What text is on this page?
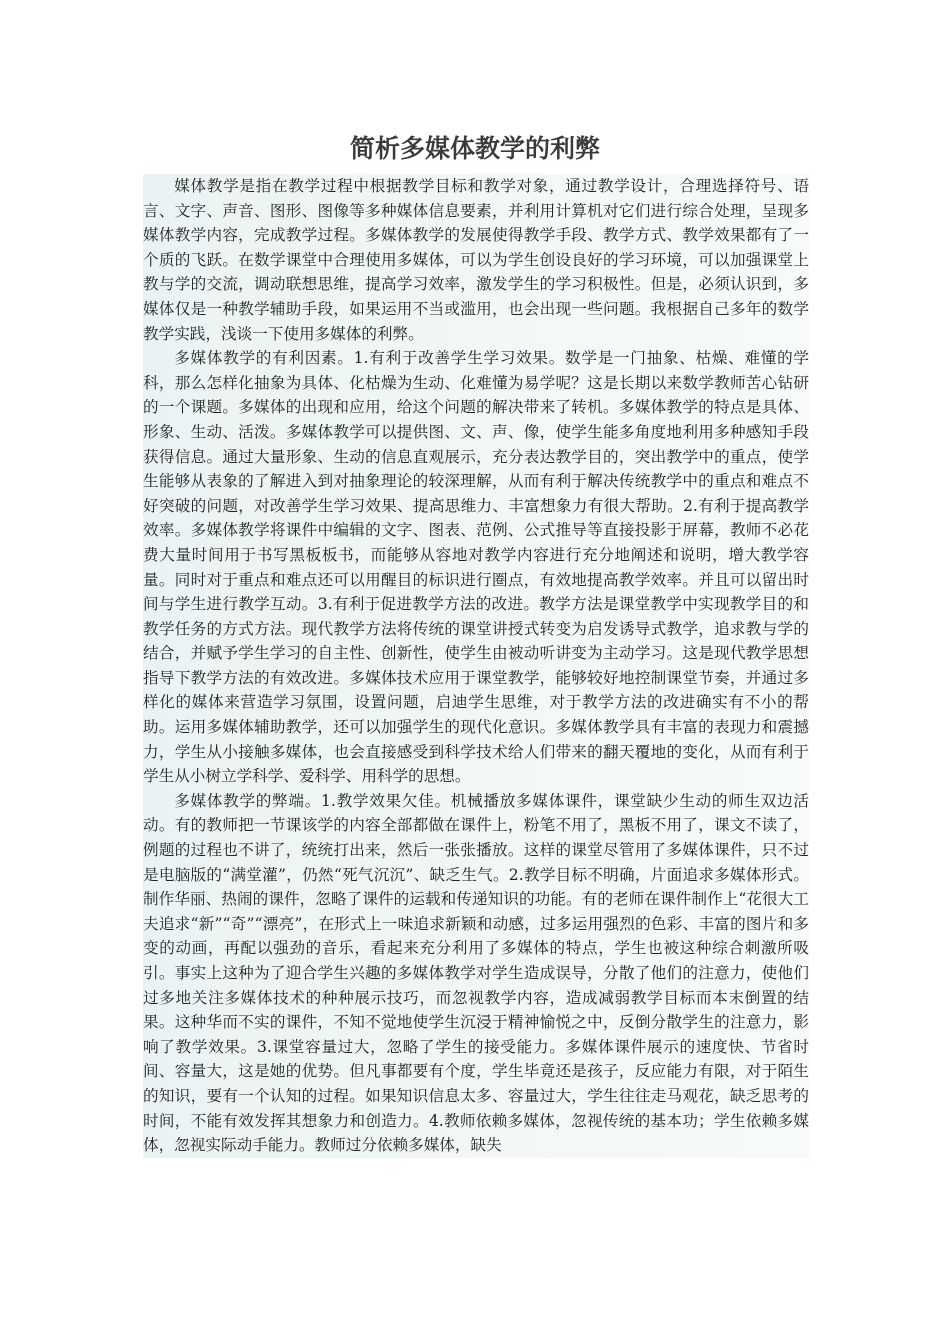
简析多媒体教学的利弊

媒体教学是指在教学过程中根据教学目标和教学对象，通过教学设计，合理选择符号、语言、文字、声音、图形、图像等多种媒体信息要素，并利用计算机对它们进行综合处理，呈现多媒体教学内容，完成教学过程。多媒体教学的发展使得教学手段、教学方式、教学效果都有了一个质的飞跃。在数学课堂中合理使用多媒体，可以为学生创设良好的学习环境，可以加强课堂上教与学的交流，调动联想思维，提高学习效率，激发学生的学习积极性。但是，必须认识到，多媒体仅是一种教学辅助手段，如果运用不当或滥用，也会出现一些问题。我根据自己多年的数学教学实践，浅谈一下使用多媒体的利弊。

多媒体教学的有利因素。1.有利于改善学生学习效果。数学是一门抽象、枯燥、难懂的学科，那么怎样化抽象为具体、化枯燥为生动、化难懂为易学呢？这是长期以来数学教师苦心钻研的一个课题。多媒体的出现和应用，给这个问题的解决带来了转机。多媒体教学的特点是具体、形象、生动、活泼。多媒体教学可以提供图、文、声、像，使学生能多角度地利用多种感知手段获得信息。通过大量形象、生动的信息直观展示，充分表达教学目的，突出教学中的重点，使学生能够从表象的了解进入到对抽象理论的较深理解，从而有利于解决传统教学中的重点和难点不好突破的问题，对改善学生学习效果、提高思维力、丰富想象力有很大帮助。2.有利于提高教学效率。多媒体教学将课件中编辑的文字、图表、范例、公式推导等直接投影于屏幕，教师不必花费大量时间用于书写黑板板书，而能够从容地对教学内容进行充分地阐述和说明，增大教学容量。同时对于重点和难点还可以用醒目的标识进行圈点，有效地提高教学效率。并且可以留出时间与学生进行教学互动。3.有利于促进教学方法的改进。教学方法是课堂教学中实现教学目的和教学任务的方式方法。现代教学方法将传统的课堂讲授式转变为启发诱导式教学，追求教与学的结合，并赋予学生学习的自主性、创新性，使学生由被动听讲变为主动学习。这是现代教学思想指导下教学方法的有效改进。多媒体技术应用于课堂教学，能够较好地控制课堂节奏，并通过多样化的媒体来营造学习氛围，设置问题，启迪学生思维，对于教学方法的改进确实有不小的帮助。运用多媒体辅助教学，还可以加强学生的现代化意识。多媒体教学具有丰富的表现力和震撼力，学生从小接触多媒体，也会直接感受到科学技术给人们带来的翻天覆地的变化，从而有利于学生从小树立学科学、爱科学、用科学的思想。

多媒体教学的弊端。1.教学效果欠佳。机械播放多媒体课件，课堂缺少生动的师生双边活动。有的教师把一节课该学的内容全部都做在课件上，粉笔不用了，黑板不用了，课文不读了，例题的过程也不讲了，统统打出来，然后一张张播放。这样的课堂尽管用了多媒体课件，只不过是电脑版的“满堂灌”，仍然“死气沉沉”、缺乏生气。2.教学目标不明确，片面追求多媒体形式。制作华丽、热闹的课件，忽略了课件的运载和传递知识的功能。有的老师在课件制作上“花很大工夫追求“新”“奇”“漂亮”，在形式上一味追求新颖和动感，过多运用强烈的色彩、丰富的图片和多变的动画，再配以强劲的音乐，看起来充分利用了多媒体的特点，学生也被这种综合刺激所吸引。事实上这种为了迎合学生兴趣的多媒体教学对学生造成误导，分散了他们的注意力，使他们过多地关注多媒体技术的种种展示技巧，而忽视教学内容，造成减弱教学目标而本末倒置的结果。这种华而不实的课件，不知不觉地使学生沉浸于精神愉悦之中，反倒分散学生的注意力，影响了教学效果。3.课堂容量过大，忽略了学生的接受能力。多媒体课件展示的速度快、节省时间、容量大，这是她的优势。但凡事都要有个度，学生毕竟还是孩子，反应能力有限，对于陌生的知识，要有一个认知的过程。如果知识信息太多、容量过大，学生往往走马观花，缺乏思考的时间，不能有效发挥其想象力和创造力。4.教师依赖多媒体，忽视传统的基本功；学生依赖多媒体，忽视实际动手能力。教师过分依赖多媒体，缺失
